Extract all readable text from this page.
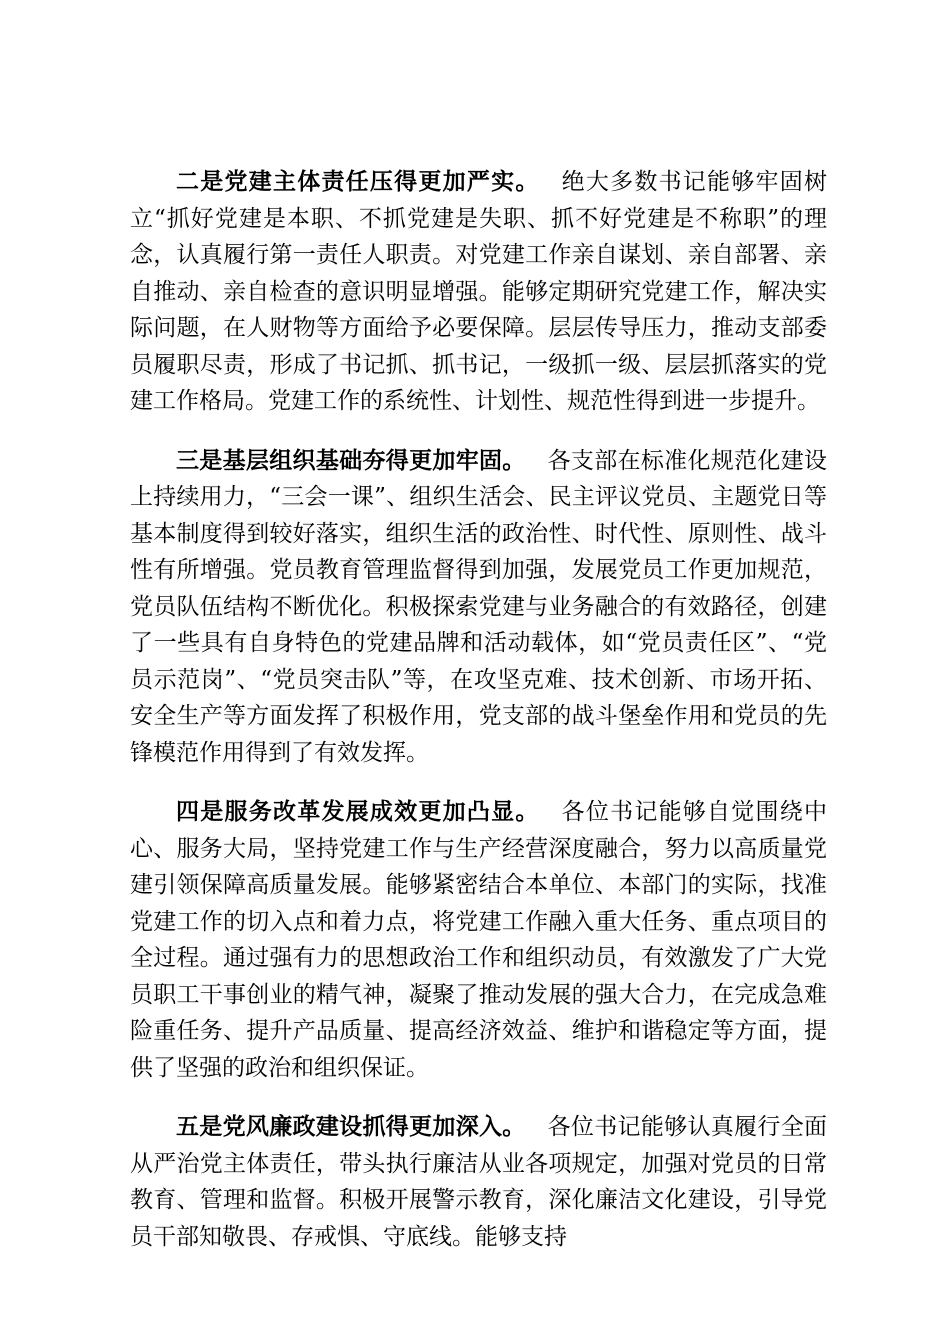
二是党建主体责任压得更加严实。 绝大多数书记能够牢固树立“抓好党建是本职、不抓党建是失职、抓不好党建是不称职”的理念，认真履行第一责任人职责。对党建工作亲自谋划、亲自部署、亲自推动、亲自检查的意识明显增强。能够定期研究党建工作，解决实际问题，在人财物等方面给予必要保障。层层传导压力，推动支部委员履职尽责，形成了书记抓、抓书记，一级抓一级、层层抓落实的党建工作格局。党建工作的系统性、计划性、规范性得到进一步提升。

三是基层组织基础夯得更加牢固。 各支部在标准化规范化建设上持续用力，“三会一课”、组织生活会、民主评议党员、主题党日等基本制度得到较好落实，组织生活的政治性、时代性、原则性、战斗性有所增强。党员教育管理监督得到加强，发展党员工作更加规范，党员队伍结构不断优化。积极探索党建与业务融合的有效路径，创建了一些具有自身特色的党建品牌和活动载体，如“党员责任区”、“党员示范岗”、“党员突击队”等，在攻坚克难、技术创新、市场开拓、安全生产等方面发挥了积极作用，党支部的战斗堡垒作用和党员的先锋模范作用得到了有效发挥。

四是服务改革发展成效更加凸显。 各位书记能够自觉围绕中心、服务大局，坚持党建工作与生产经营深度融合，努力以高质量党建引领保障高质量发展。能够紧密结合本单位、本部门的实际，找准党建工作的切入点和着力点，将党建工作融入重大任务、重点项目的全过程。通过强有力的思想政治工作和组织动员，有效激发了广大党员职工干事创业的精气神，凝聚了推动发展的强大合力，在完成急难险重任务、提升产品质量、提高经济效益、维护和谐稳定等方面，提供了坚强的政治和组织保证。

五是党风廉政建设抓得更加深入。 各位书记能够认真履行全面从严治党主体责任，带头执行廉洁从业各项规定，加强对党员的日常教育、管理和监督。积极开展警示教育，深化廉洁文化建设，引导党员干部知敬畏、存戒惧、守底线。能够支持
